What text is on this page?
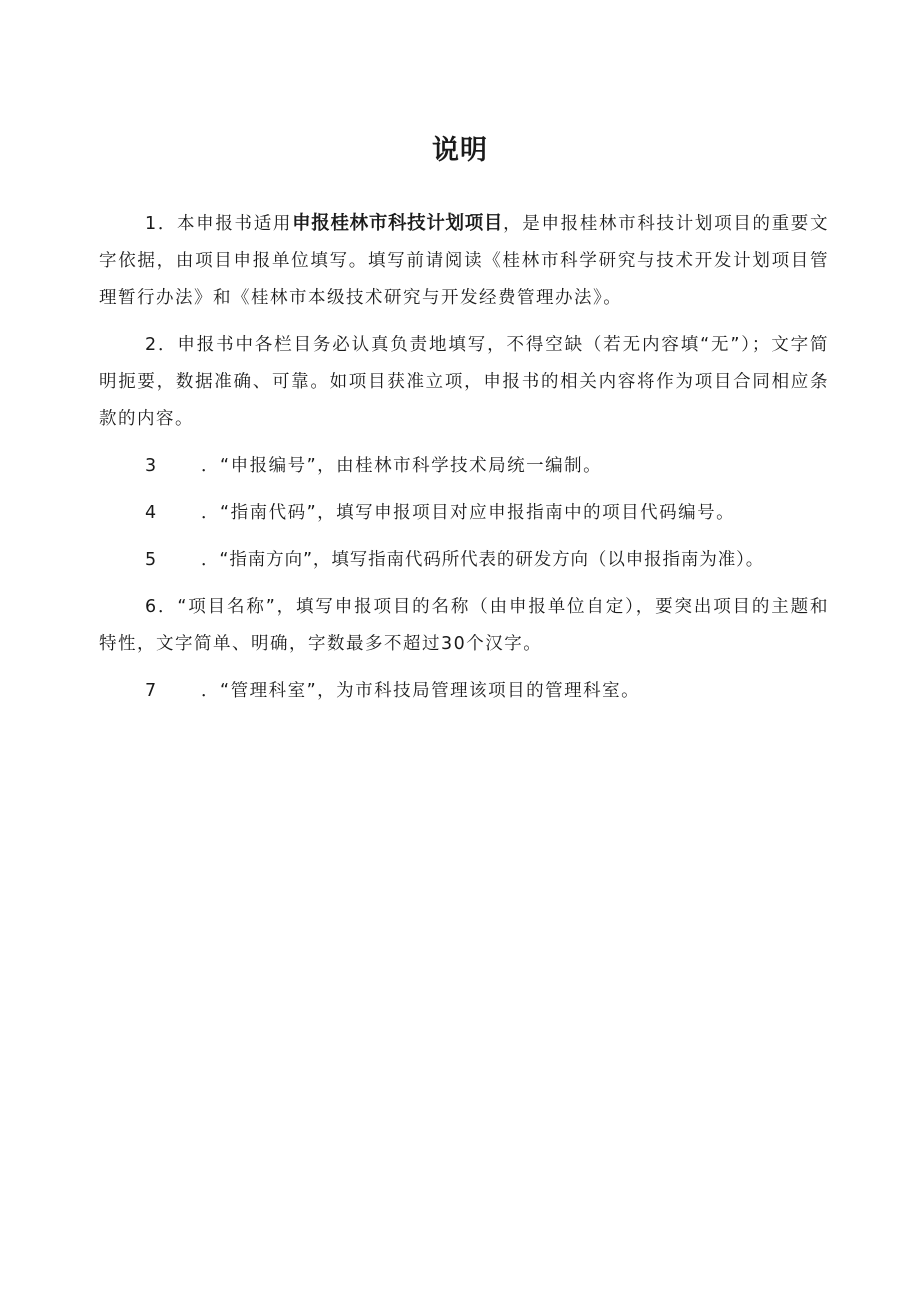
说明

1．本申报书适用申报桂林市科技计划项目，是申报桂林市科技计划项目的重要文字依据，由项目申报单位填写。填写前请阅读《桂林市科学研究与技术开发计划项目管理暂行办法》和《桂林市本级技术研究与开发经费管理办法》。

2．申报书中各栏目务必认真负责地填写，不得空缺（若无内容填“无”）；文字简明扼要，数据准确、可靠。如项目获准立项，申报书的相关内容将作为项目合同相应条款的内容。

3 ．“申报编号”，由桂林市科学技术局统一编制。

4 ．“指南代码”，填写申报项目对应申报指南中的项目代码编号。

5	．“指南方向”，填写指南代码所代表的研发方向（以申报指南为准）。

6．“项目名称”，填写申报项目的名称（由申报单位自定），要突出项目的主题和特性，文字简单、明确，字数最多不超过30个汉字。

7 ．“管理科室”，为市科技局管理该项目的管理科室。
